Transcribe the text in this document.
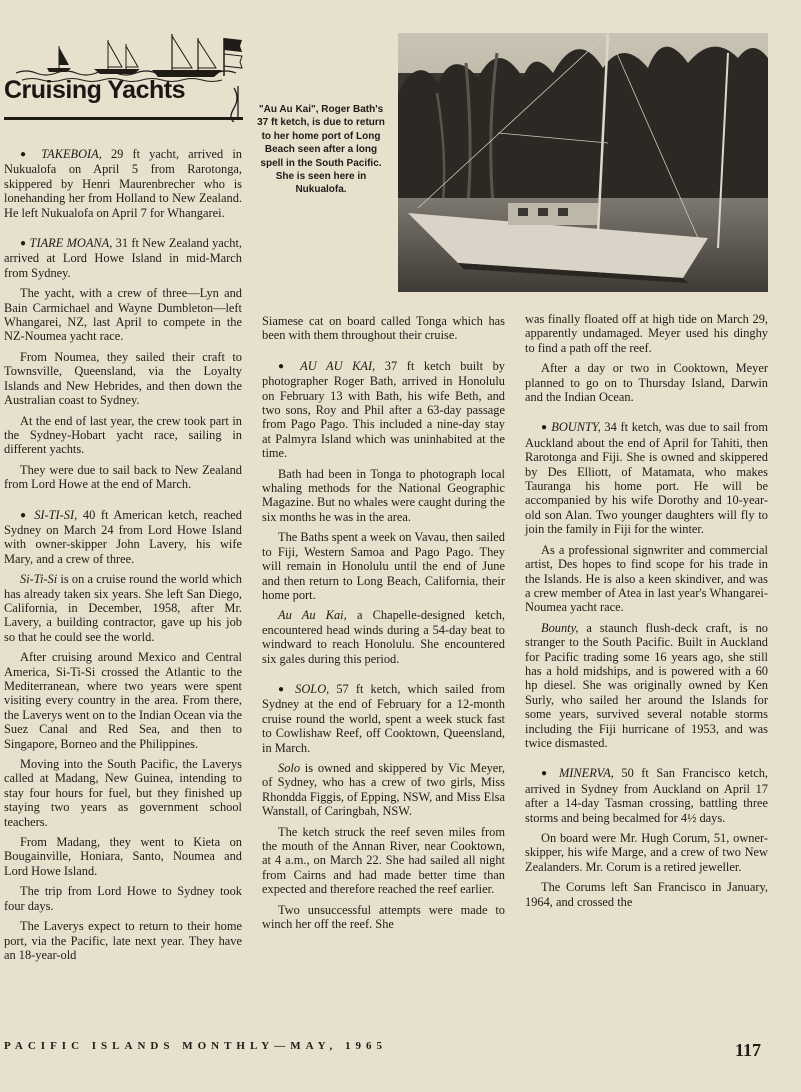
Cruising Yachts
"Au Au Kai", Roger Bath's 37 ft ketch, is due to return to her home port of Long Beach seen after a long spell in the South Pacific. She is seen here in Nukualofa.

● TAKEBOIA, 29 ft yacht, arrived in Nukualofa on April 5 from Rarotonga, skippered by Henri Maurenbrecher who is lonehanding her from Holland to New Zealand. He left Nukualofa on April 7 for Whangarei.

● TIARE MOANA, 31 ft New Zealand yacht, arrived at Lord Howe Island in mid-March from Sydney.

The yacht, with a crew of three—Lyn and Bain Carmichael and Wayne Dumbleton—left Whangarei, NZ, last April to compete in the NZ-Noumea yacht race.

From Noumea, they sailed their craft to Townsville, Queensland, via the Loyalty Islands and New Hebrides, and then down the Australian coast to Sydney.

At the end of last year, the crew took part in the Sydney-Hobart yacht race, sailing in different yachts.

They were due to sail back to New Zealand from Lord Howe at the end of March.

● SI-TI-SI, 40 ft American ketch, reached Sydney on March 24 from Lord Howe Island with owner-skipper John Lavery, his wife Mary, and a crew of three.

Si-Ti-Si is on a cruise round the world which has already taken six years. She left San Diego, California, in December, 1958, after Mr. Lavery, a building contractor, gave up his job so that he could see the world.

After cruising around Mexico and Central America, Si-Ti-Si crossed the Atlantic to the Mediterranean, where two years were spent visiting every country in the area. From there, the Laverys went on to the Indian Ocean via the Suez Canal and Red Sea, and then to Singapore, Borneo and the Philippines.

Moving into the South Pacific, the Laverys called at Madang, New Guinea, intending to stay four hours for fuel, but they finished up staying two years as government school teachers.

From Madang, they went to Kieta on Bougainville, Honiara, Santo, Noumea and Lord Howe Island.

The trip from Lord Howe to Sydney took four days.

The Laverys expect to return to their home port, via the Pacific, late next year. They have an 18-year-old

Siamese cat on board called Tonga which has been with them throughout their cruise.

● AU AU KAI, 37 ft ketch built by photographer Roger Bath, arrived in Honolulu on February 13 with Bath, his wife Beth, and two sons, Roy and Phil after a 63-day passage from Pago Pago. This included a nine-day stay at Palmyra Island which was uninhabited at the time.

Bath had been in Tonga to photograph local whaling methods for the National Geographic Magazine. But no whales were caught during the six months he was in the area.

The Baths spent a week on Vavau, then sailed to Fiji, Western Samoa and Pago Pago. They will remain in Honolulu until the end of June and then return to Long Beach, California, their home port.

Au Au Kai, a Chapelle-designed ketch, encountered head winds during a 54-day beat to windward to reach Honolulu. She encountered six gales during this period.

● SOLO, 57 ft ketch, which sailed from Sydney at the end of February for a 12-month cruise round the world, spent a week stuck fast to Cowlishaw Reef, off Cooktown, Queensland, in March.

Solo is owned and skippered by Vic Meyer, of Sydney, who has a crew of two girls, Miss Rhondda Figgis, of Epping, NSW, and Miss Elsa Wanstall, of Caringbah, NSW.

The ketch struck the reef seven miles from the mouth of the Annan River, near Cooktown, at 4 a.m., on March 22. She had sailed all night from Cairns and had made better time than expected and therefore reached the reef earlier.

Two unsuccessful attempts were made to winch her off the reef. She

was finally floated off at high tide on March 29, apparently undamaged. Meyer used his dinghy to find a path off the reef.

After a day or two in Cooktown, Meyer planned to go on to Thursday Island, Darwin and the Indian Ocean.

● BOUNTY, 34 ft ketch, was due to sail from Auckland about the end of April for Tahiti, then Rarotonga and Fiji. She is owned and skippered by Des Elliott, of Matamata, who makes Tauranga his home port. He will be accompanied by his wife Dorothy and 10-year-old son Alan. Two younger daughters will fly to join the family in Fiji for the winter.

As a professional signwriter and commercial artist, Des hopes to find scope for his trade in the Islands. He is also a keen skindiver, and was a crew member of Atea in last year's Whangarei-Noumea yacht race.

Bounty, a staunch flush-deck craft, is no stranger to the South Pacific. Built in Auckland for Pacific trading some 16 years ago, she still has a hold midships, and is powered with a 60 hp diesel. She was originally owned by Ken Surly, who sailed her around the Islands for some years, survived several notable storms including the Fiji hurricane of 1953, and was twice dismasted.

● MINERVA, 50 ft San Francisco ketch, arrived in Sydney from Auckland on April 17 after a 14-day Tasman crossing, battling three storms and being becalmed for 4½ days.

On board were Mr. Hugh Corum, 51, owner-skipper, his wife Marge, and a crew of two New Zealanders. Mr. Corum is a retired jeweller.

The Corums left San Francisco in January, 1964, and crossed the

PACIFIC ISLANDS MONTHLY—MAY, 1965	117
